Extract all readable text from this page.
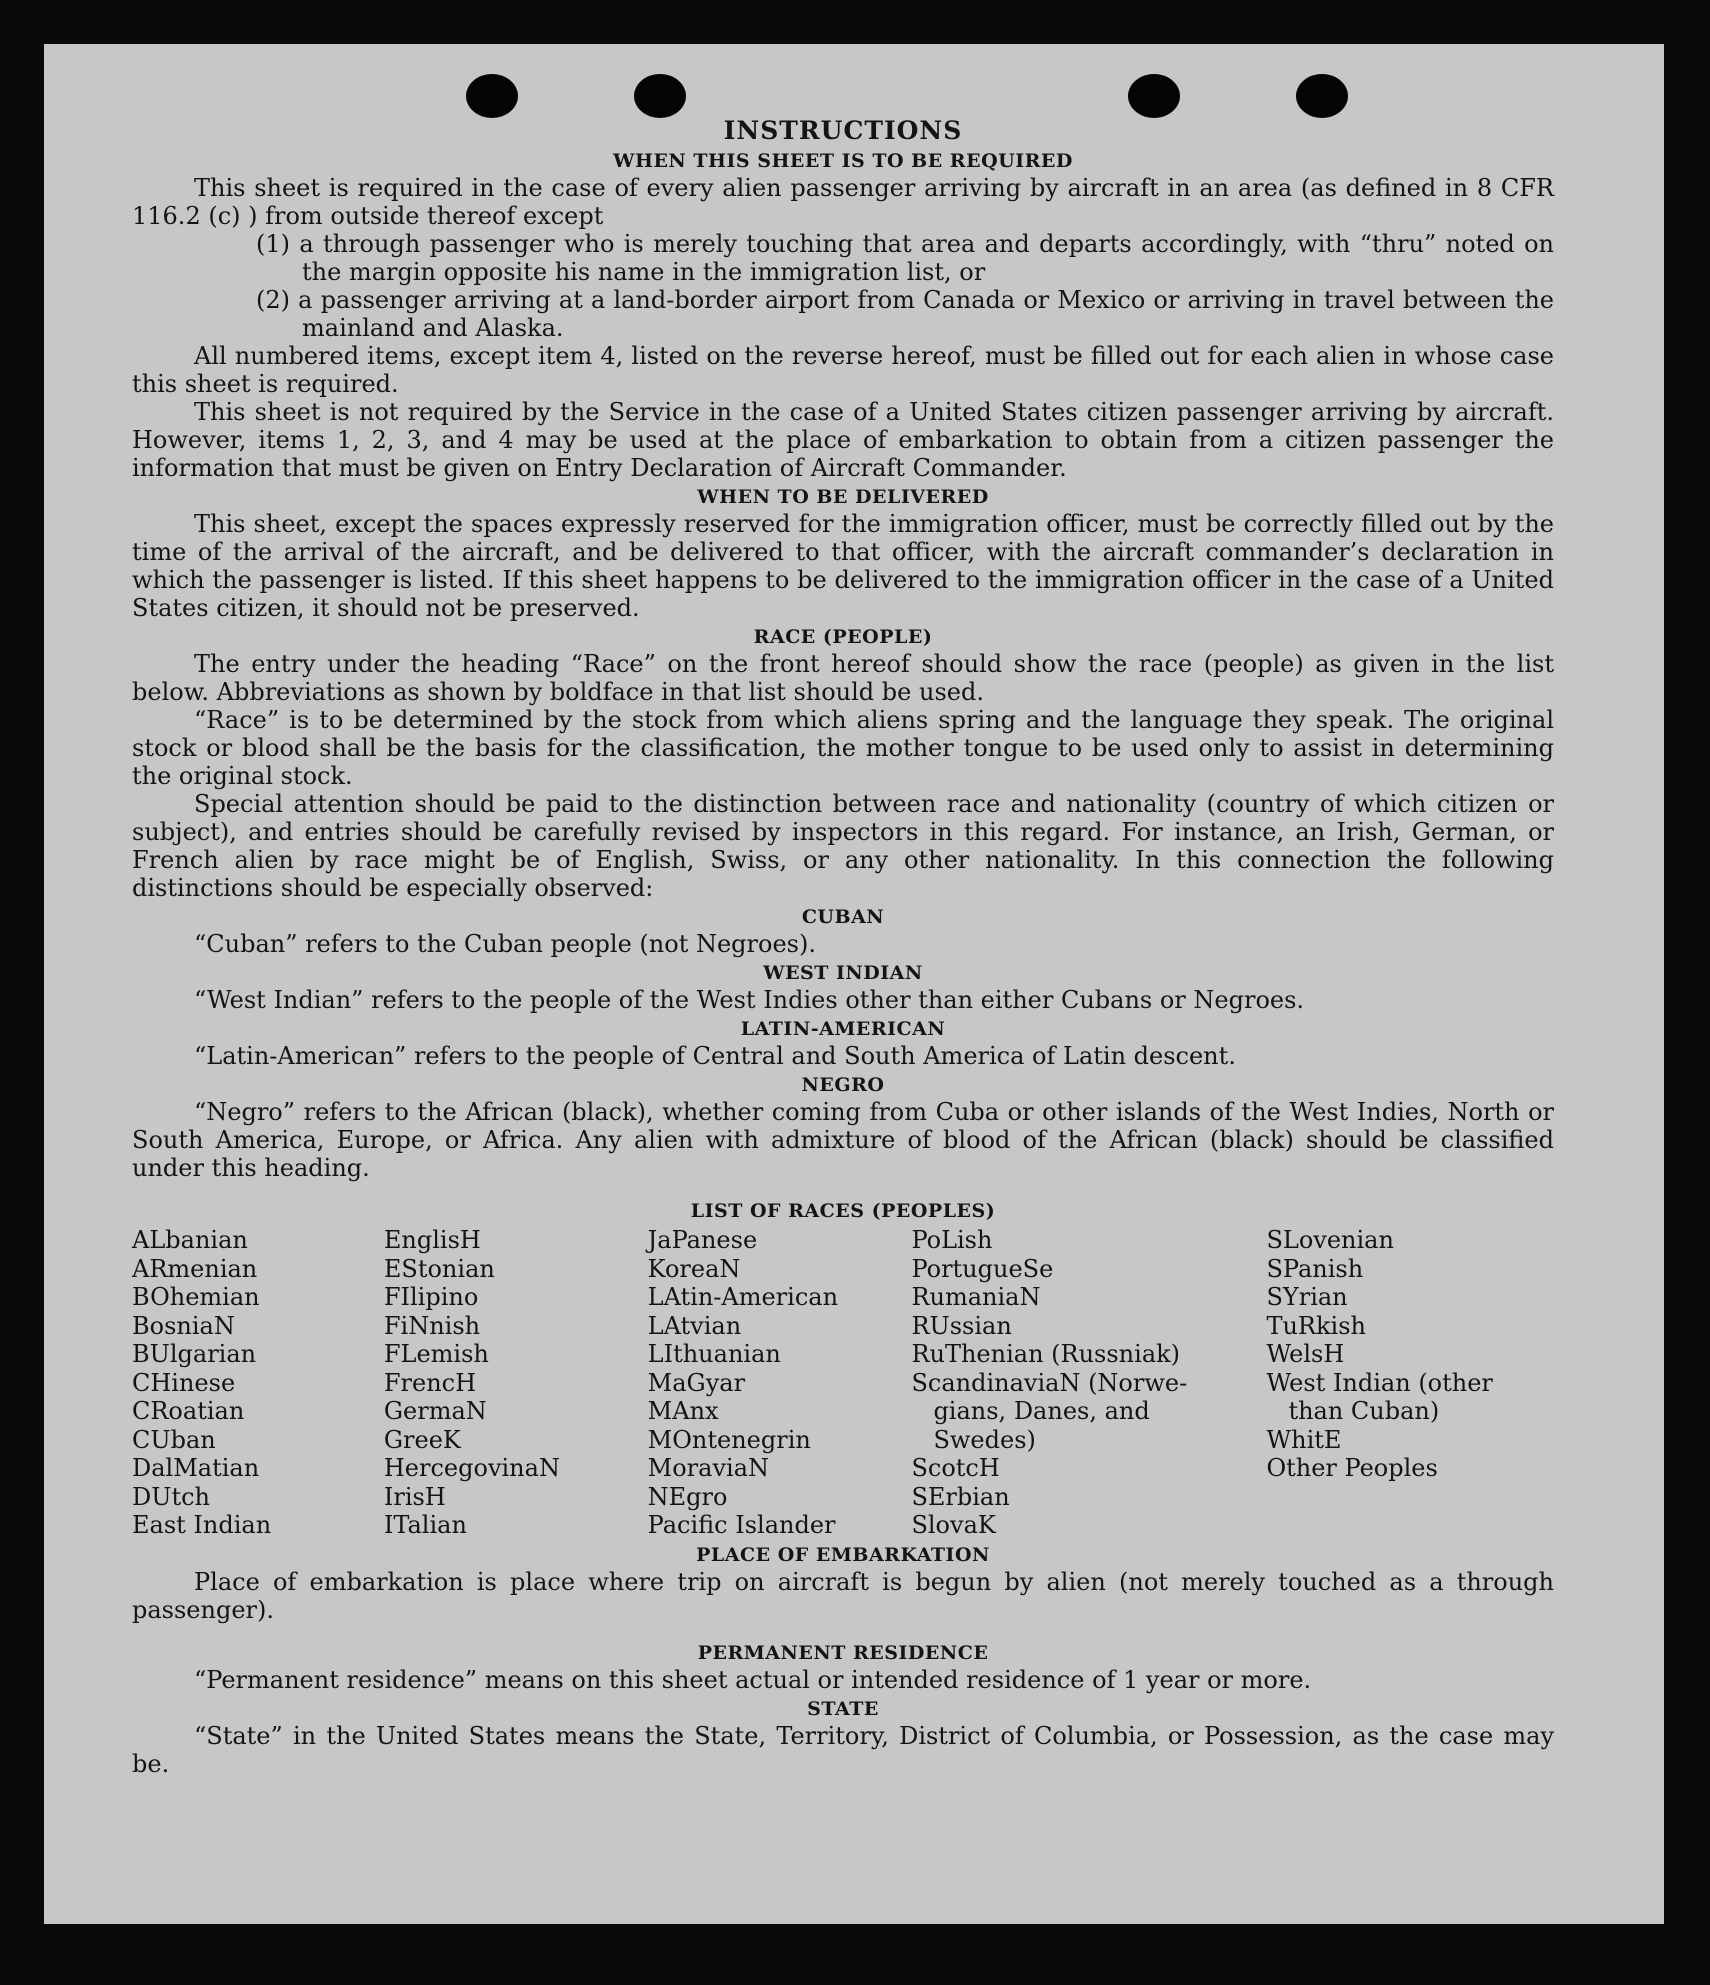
INSTRUCTIONS
WHEN THIS SHEET IS TO BE REQUIRED
This sheet is required in the case of every alien passenger arriving by aircraft in an area (as defined in 8 CFR 116.2 (c) ) from outside thereof except
(1) a through passenger who is merely touching that area and departs accordingly, with “thru” noted on the margin opposite his name in the immigration list, or
(2) a passenger arriving at a land-border airport from Canada or Mexico or arriving in travel between the mainland and Alaska.
All numbered items, except item 4, listed on the reverse hereof, must be filled out for each alien in whose case this sheet is required.
This sheet is not required by the Service in the case of a United States citizen passenger arriving by aircraft. However, items 1, 2, 3, and 4 may be used at the place of embarkation to obtain from a citizen passenger the information that must be given on Entry Declaration of Aircraft Commander.
WHEN TO BE DELIVERED
This sheet, except the spaces expressly reserved for the immigration officer, must be correctly filled out by the time of the arrival of the aircraft, and be delivered to that officer, with the aircraft commander’s declaration in which the passenger is listed. If this sheet happens to be delivered to the immigration officer in the case of a United States citizen, it should not be preserved.
RACE (PEOPLE)
The entry under the heading “Race” on the front hereof should show the race (people) as given in the list below. Abbreviations as shown by boldface in that list should be used.
“Race” is to be determined by the stock from which aliens spring and the language they speak. The original stock or blood shall be the basis for the classification, the mother tongue to be used only to assist in determining the original stock.
Special attention should be paid to the distinction between race and nationality (country of which citizen or subject), and entries should be carefully revised by inspectors in this regard. For instance, an Irish, German, or French alien by race might be of English, Swiss, or any other nationality. In this connection the following distinctions should be especially observed:
CUBAN
“Cuban” refers to the Cuban people (not Negroes).
WEST INDIAN
“West Indian” refers to the people of the West Indies other than either Cubans or Negroes.
LATIN-AMERICAN
“Latin-American” refers to the people of Central and South America of Latin descent.
NEGRO
“Negro” refers to the African (black), whether coming from Cuba or other islands of the West Indies, North or South America, Europe, or Africa. Any alien with admixture of blood of the African (black) should be classified under this heading.
LIST OF RACES (PEOPLES)
ALbanian
ARmenian
BOhemian
BosniaN
BUlgarian
CHinese
CRoatian
CUban
DalMatian
DUtch
East Indian
EnglisH
EStonian
FIlipino
FiNnish
FLemish
FrencH
GermaN
GreeK
HercegovinaN
IrisH
ITalian
JaPanese
KoreaN
LAtin-American
LAtvian
LIthuanian
MaGyar
MAnx
MOntenegrin
MoraviaN
NEgro
Pacific Islander
PoLish
PortugueSe
RumaniaN
RUssian
RuThenian (Russniak)
ScandinaviaN (Norwe-
gians, Danes, and
Swedes)
ScotcH
SErbian
SlovaK
SLovenian
SPanish
SYrian
TuRkish
WelsH
West Indian (other
than Cuban)
WhitE
Other Peoples
PLACE OF EMBARKATION
Place of embarkation is place where trip on aircraft is begun by alien (not merely touched as a through passenger).
PERMANENT RESIDENCE
“Permanent residence” means on this sheet actual or intended residence of 1 year or more.
STATE
“State” in the United States means the State, Territory, District of Columbia, or Possession, as the case may be.
